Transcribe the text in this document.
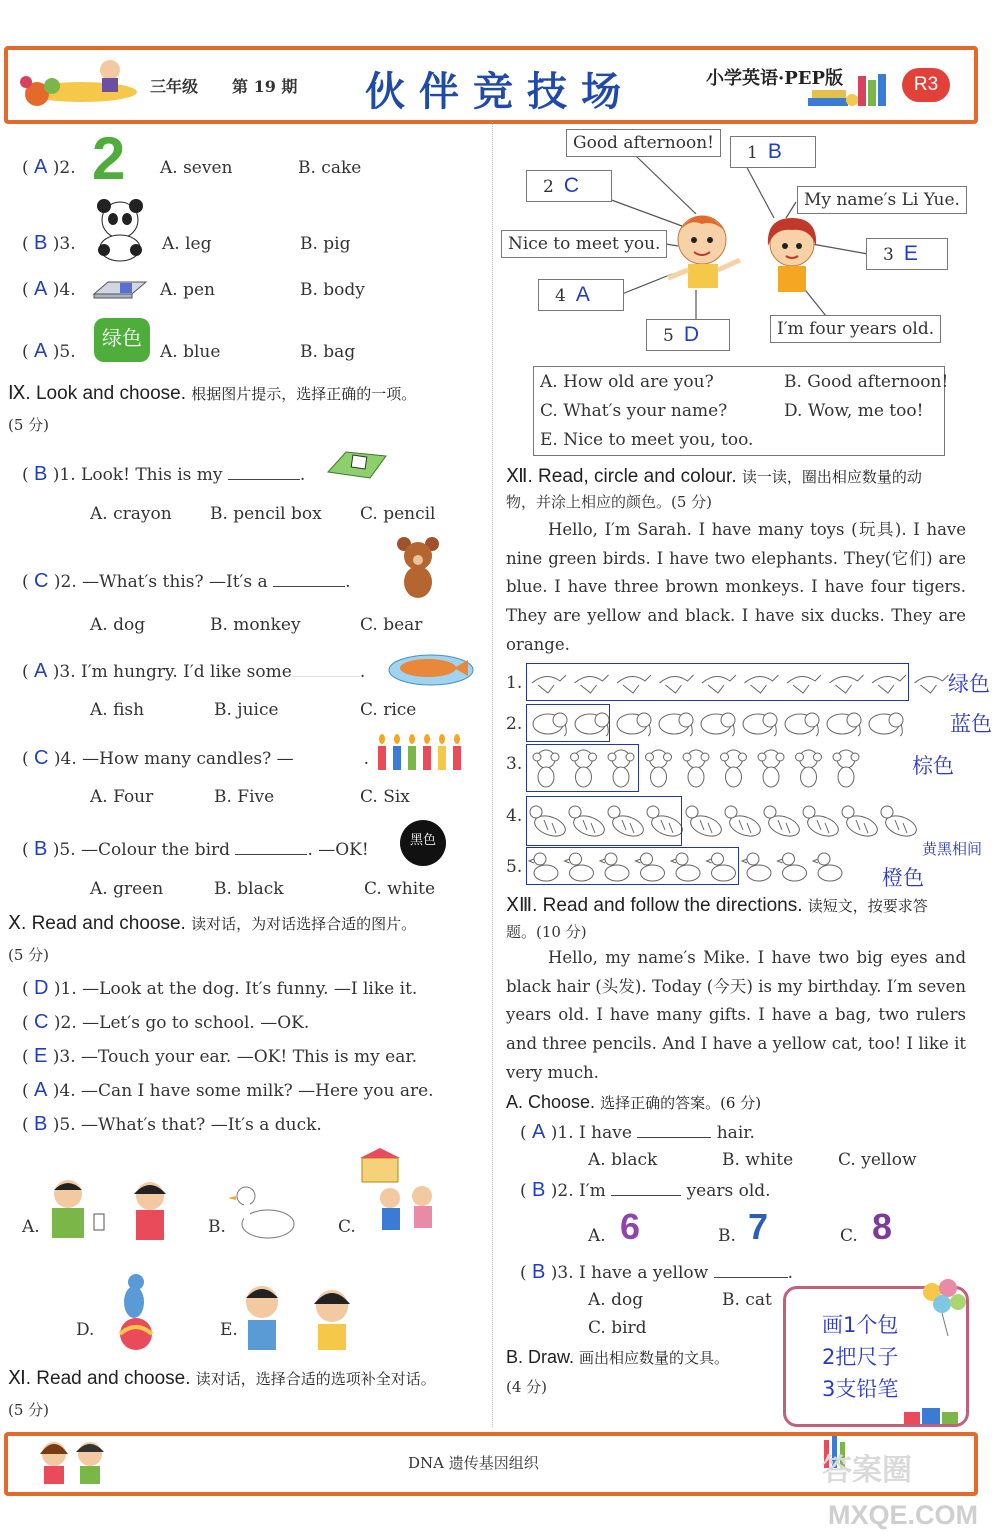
三年级 第 19 期 伙伴竞技场	小学英语·PEP版	R3
( A )2. 2 A. seven	B. cake
( B )3.	A. leg	B. pig
( A )4.	A. pen	B. body
( A )5.
绿色
A. blue	B. bag
Ⅸ. Look and choose. 根据图片提示，选择正确的一项。
(5 分)
( B )1. Look! This is my	.
A. crayon B. pencil box C. pencil
( C )2. —What′s this? —It′s a	.
A. dog	B. monkey	C. bear
( A )3. I′m hungry. I′d like some	.
A. fish	B. juice	C. rice
( C )4. —How many candles? —	.
A. Four	B. Five	C. Six
( B )5. —Colour the bird	. —OK!	黑色
A. green	B. black	C. white
Ⅹ. Read and choose. 读对话，为对话选择合适的图片。
(5 分)
( D )1. —Look at the dog. It′s funny. —I like it.
( C )2. —Let′s go to school. —OK.
( E )3. —Touch your ear. —OK! This is my ear.
( A )4. —Can I have some milk? —Here you are.
( B )5. —What′s that? —It′s a duck.
A.	B.	C.
D.	E.
Ⅺ. Read and choose. 读对话，选择合适的选项补全对话。
(5 分)
Good afternoon!
My name′s Li Yue.
Nice to meet you.
I′m four years old.
1 B
2 C
3 E
4 A
5 D
A. How old are you?	B. Good afternoon!
C. What′s your name?	D. Wow, me too!
E. Nice to meet you, too.
Ⅻ. Read, circle and colour. 读一读，圈出相应数量的动
物，并涂上相应的颜色。(5 分)
Hello, I′m Sarah. I have many toys (玩具). I have nine green birds. I have two elephants. They(它们) are blue. I have three brown monkeys. I have four tigers. They are yellow and black. I have six ducks. They are orange.
1.	绿色
2.	蓝色
3.	棕色
4.
黄黑相间
5.	橙色
ⅩⅢ. Read and follow the directions. 读短文，按要求答
题。(10 分)
Hello, my name′s Mike. I have two big eyes and black hair (头发). Today (今天) is my birthday. I′m seven years old. I have many gifts. I have a bag, two rulers and three pencils. And I have a yellow cat, too! I like it very much.
A. Choose. 选择正确的答案。(6 分)
( A )1. I have	hair.
A. black	B. white	C. yellow
( B )2. I′m	years old.
A. 6	B. 7	C. 8
( B )3. I have a yellow	.
A. dog	B. cat
C. bird
B. Draw. 画出相应数量的文具。
(4 分)
画1个包
2把尺子
3支铅笔
DNA 遗传基因组织	答案圈
MXQE.COM
